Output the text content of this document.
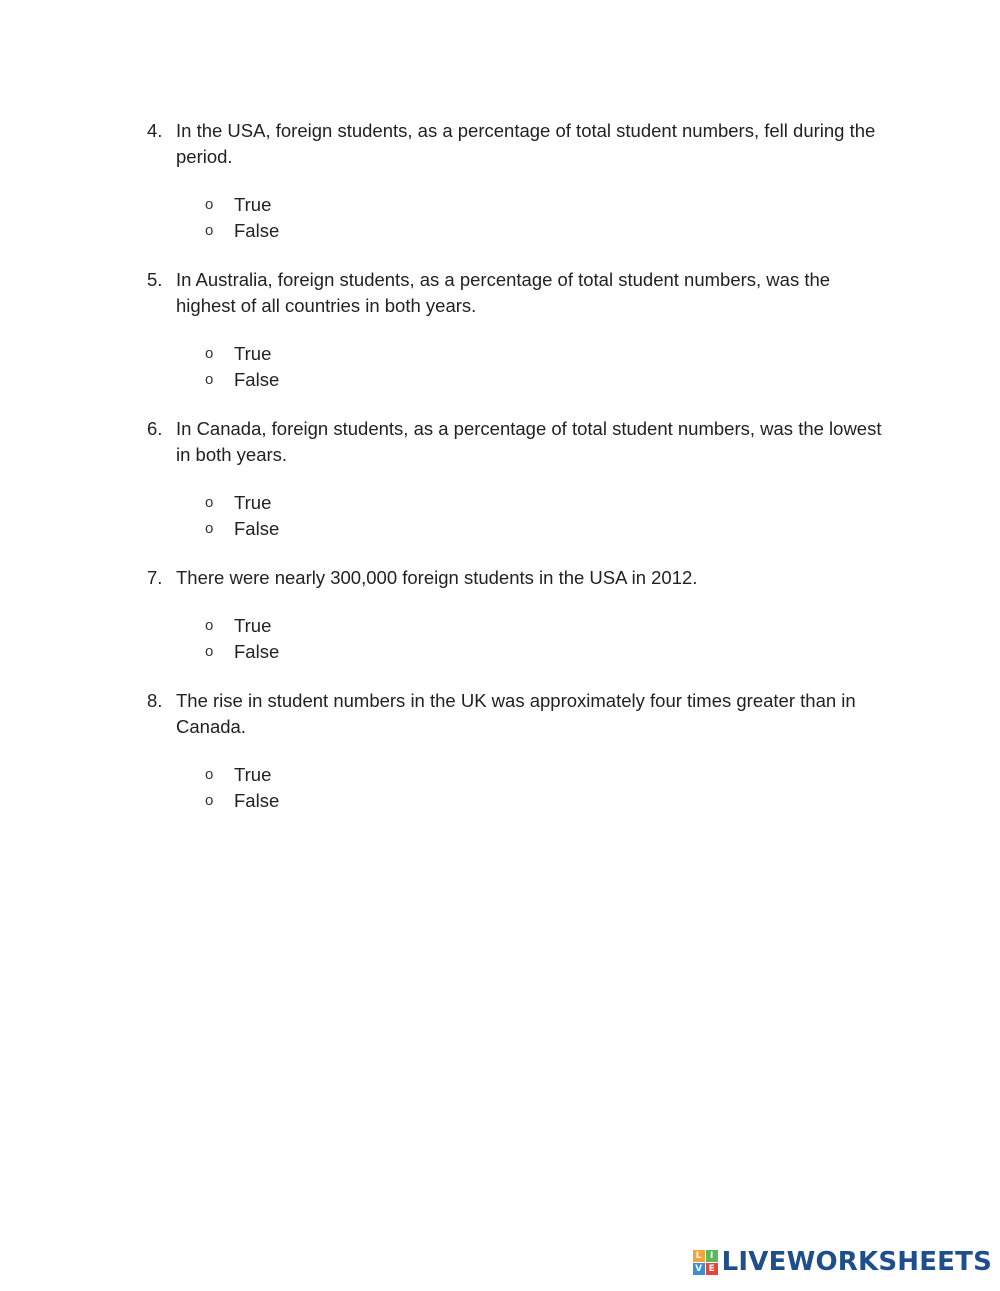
4. In the USA, foreign students, as a percentage of total student numbers, fell during the period.
o	True
o	False
5. In Australia, foreign students, as a percentage of total student numbers, was the highest of all countries in both years.
o	True
o	False
6. In Canada, foreign students, as a percentage of total student numbers, was the lowest in both years.
o	True
o	False
7. There were nearly 300,000 foreign students in the USA in 2012.
o	True
o	False
8. The rise in student numbers in the UK was approximately four times greater than in Canada.
o	True
o	False
L I
V E LIVEWORKSHEETS
